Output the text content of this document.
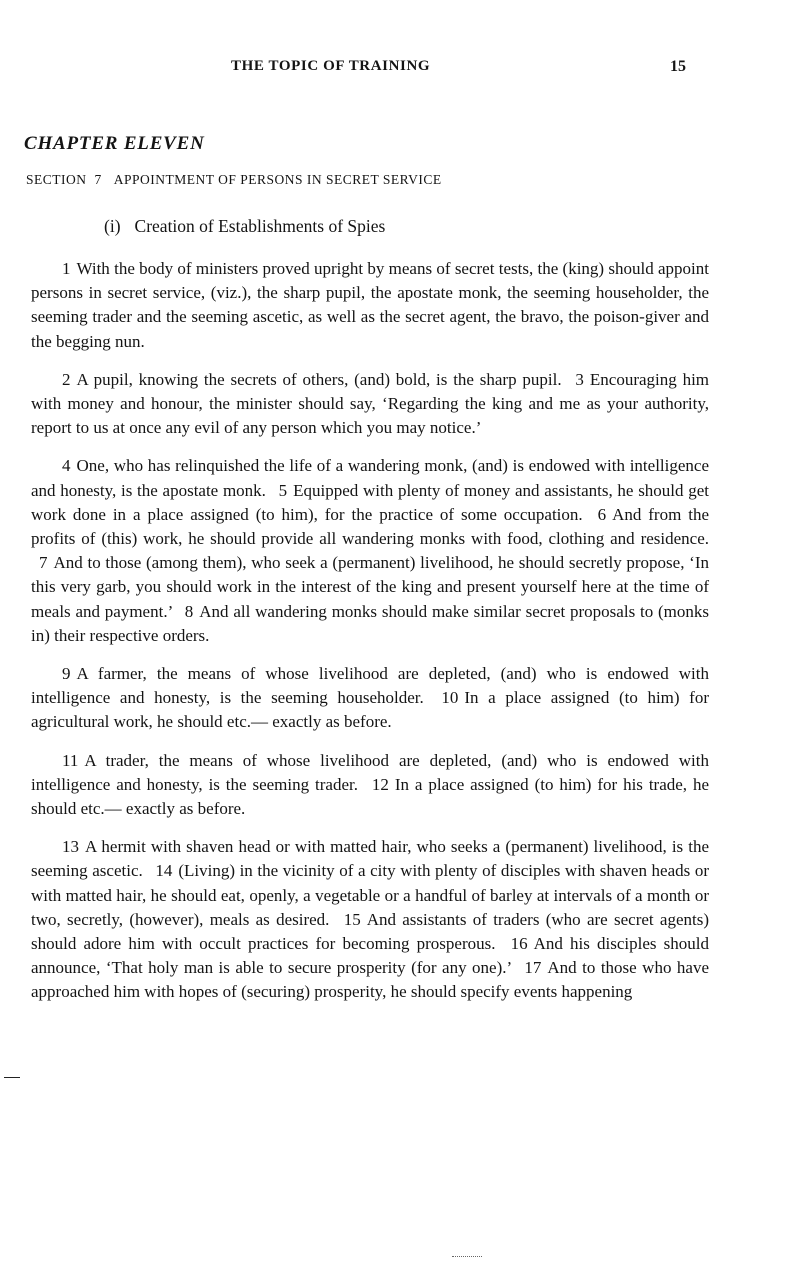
THE TOPIC OF TRAINING	15
CHAPTER ELEVEN
SECTION 7 APPOINTMENT OF PERSONS IN SECRET SERVICE
(i) Creation of Establishments of Spies

1 With the body of ministers proved upright by means of secret tests, the (king) should appoint persons in secret service, (viz.), the sharp pupil, the apostate monk, the seeming householder, the seeming trader and the seeming ascetic, as well as the secret agent, the bravo, the poison-giver and the begging nun.

2 A pupil, knowing the secrets of others, (and) bold, is the sharp pupil. 3 Encouraging him with money and honour, the minister should say, ‘Regarding the king and me as your authority, report to us at once any evil of any person which you may notice.’

4 One, who has relinquished the life of a wandering monk, (and) is endowed with intelligence and honesty, is the apostate monk. 5 Equipped with plenty of money and assistants, he should get work done in a place assigned (to him), for the practice of some occupation. 6 And from the profits of (this) work, he should provide all wandering monks with food, clothing and residence. 7 And to those (among them), who seek a (permanent) livelihood, he should secretly propose, ‘In this very garb, you should work in the interest of the king and present yourself here at the time of meals and payment.’ 8 And all wandering monks should make similar secret proposals to (monks in) their respective orders.

9 A farmer, the means of whose livelihood are depleted, (and) who is endowed with intelligence and honesty, is the seeming householder. 10 In a place assigned (to him) for agricultural work, he should etc.— exactly as before.

11 A trader, the means of whose livelihood are depleted, (and) who is endowed with intelligence and honesty, is the seeming trader. 12 In a place assigned (to him) for his trade, he should etc.— exactly as before.

13 A hermit with shaven head or with matted hair, who seeks a (permanent) livelihood, is the seeming ascetic. 14 (Living) in the vicinity of a city with plenty of disciples with shaven heads or with matted hair, he should eat, openly, a vegetable or a handful of barley at intervals of a month or two, secretly, (however), meals as desired. 15 And assistants of traders (who are secret agents) should adore him with occult practices for becoming prosperous. 16 And his disciples should announce, ‘That holy man is able to secure prosperity (for any one).’ 17 And to those who have approached him with hopes of (securing) prosperity, he should specify events happening
